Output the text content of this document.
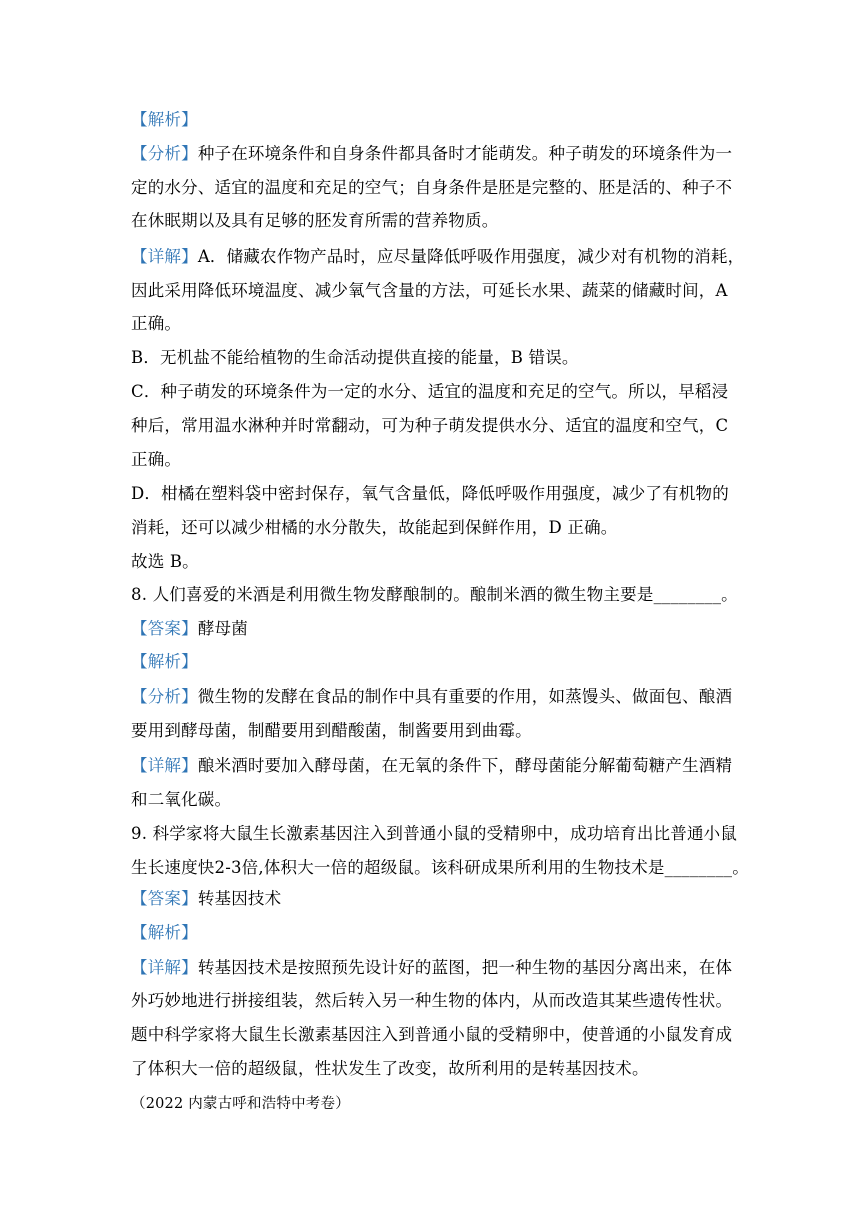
【解析】
【分析】种子在环境条件和自身条件都具备时才能萌发。种子萌发的环境条件为一
定的水分、适宜的温度和充足的空气；自身条件是胚是完整的、胚是活的、种子不
在休眠期以及具有足够的胚发育所需的营养物质。
【详解】A．储藏农作物产品时，应尽量降低呼吸作用强度，减少对有机物的消耗，
因此采用降低环境温度、减少氧气含量的方法，可延长水果、蔬菜的储藏时间，A
正确。
B．无机盐不能给植物的生命活动提供直接的能量，B 错误。
C．种子萌发的环境条件为一定的水分、适宜的温度和充足的空气。所以，早稻浸
种后，常用温水淋种并时常翻动，可为种子萌发提供水分、适宜的温度和空气，C
正确。
D．柑橘在塑料袋中密封保存，氧气含量低，降低呼吸作用强度，减少了有机物的
消耗，还可以减少柑橘的水分散失，故能起到保鲜作用，D 正确。
故选 B。
8. 人们喜爱的米酒是利用微生物发酵酿制的。酿制米酒的微生物主要是________。
【答案】酵母菌
【解析】
【分析】微生物的发酵在食品的制作中具有重要的作用，如蒸馒头、做面包、酿酒
要用到酵母菌，制醋要用到醋酸菌，制酱要用到曲霉。
【详解】酿米酒时要加入酵母菌，在无氧的条件下，酵母菌能分解葡萄糖产生酒精
和二氧化碳。
9. 科学家将大鼠生长激素基因注入到普通小鼠的受精卵中，成功培育出比普通小鼠
生长速度快2-3倍,体积大一倍的超级鼠。该科研成果所利用的生物技术是________。
【答案】转基因技术
【解析】
【详解】转基因技术是按照预先设计好的蓝图，把一种生物的基因分离出来，在体
外巧妙地进行拼接组装，然后转入另一种生物的体内，从而改造其某些遗传性状。
题中科学家将大鼠生长激素基因注入到普通小鼠的受精卵中，使普通的小鼠发育成
了体积大一倍的超级鼠，性状发生了改变，故所利用的是转基因技术。
（2022 内蒙古呼和浩特中考卷）
